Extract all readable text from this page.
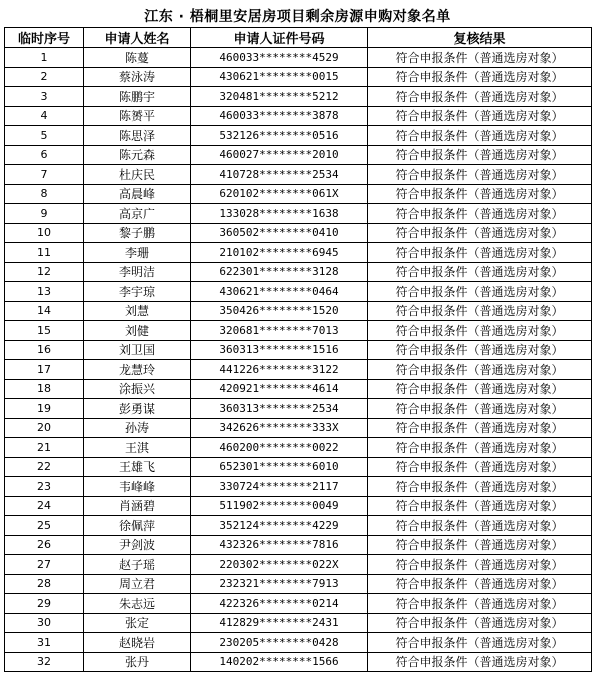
江东 · 梧桐里安居房项目剩余房源申购对象名单
临时序号	申请人姓名	申请人证件号码	复核结果
1	陈蔓	460033********4529	符合申报条件（普通选房对象）
2	蔡泳涛	430621********0015	符合申报条件（普通选房对象）
3	陈鹏宇	320481********5212	符合申报条件（普通选房对象）
4	陈赟平	460033********3878	符合申报条件（普通选房对象）
5	陈思泽	532126********0516	符合申报条件（普通选房对象）
6	陈元森	460027********2010	符合申报条件（普通选房对象）
7	杜庆民	410728********2534	符合申报条件（普通选房对象）
8	高晨峰	620102********061X	符合申报条件（普通选房对象）
9	高京广	133028********1638	符合申报条件（普通选房对象）
10	黎子鹏	360502********0410	符合申报条件（普通选房对象）
11	李珊	210102********6945	符合申报条件（普通选房对象）
12	李明洁	622301********3128	符合申报条件（普通选房对象）
13	李宇琼	430621********0464	符合申报条件（普通选房对象）
14	刘慧	350426********1520	符合申报条件（普通选房对象）
15	刘健	320681********7013	符合申报条件（普通选房对象）
16	刘卫国	360313********1516	符合申报条件（普通选房对象）
17	龙慧玲	441226********3122	符合申报条件（普通选房对象）
18	涂振兴	420921********4614	符合申报条件（普通选房对象）
19	彭勇谋	360313********2534	符合申报条件（普通选房对象）
20	孙涛	342626********333X	符合申报条件（普通选房对象）
21	王淇	460200********0022	符合申报条件（普通选房对象）
22	王雄飞	652301********6010	符合申报条件（普通选房对象）
23	韦峰峰	330724********2117	符合申报条件（普通选房对象）
24	肖涵碧	511902********0049	符合申报条件（普通选房对象）
25	徐佩萍	352124********4229	符合申报条件（普通选房对象）
26	尹剑波	432326********7816	符合申报条件（普通选房对象）
27	赵子瑶	220302********022X	符合申报条件（普通选房对象）
28	周立君	232321********7913	符合申报条件（普通选房对象）
29	朱志远	422326********0214	符合申报条件（普通选房对象）
30	张定	412829********2431	符合申报条件（普通选房对象）
31	赵晓岩	230205********0428	符合申报条件（普通选房对象）
32	张丹	140202********1566	符合申报条件（普通选房对象）
